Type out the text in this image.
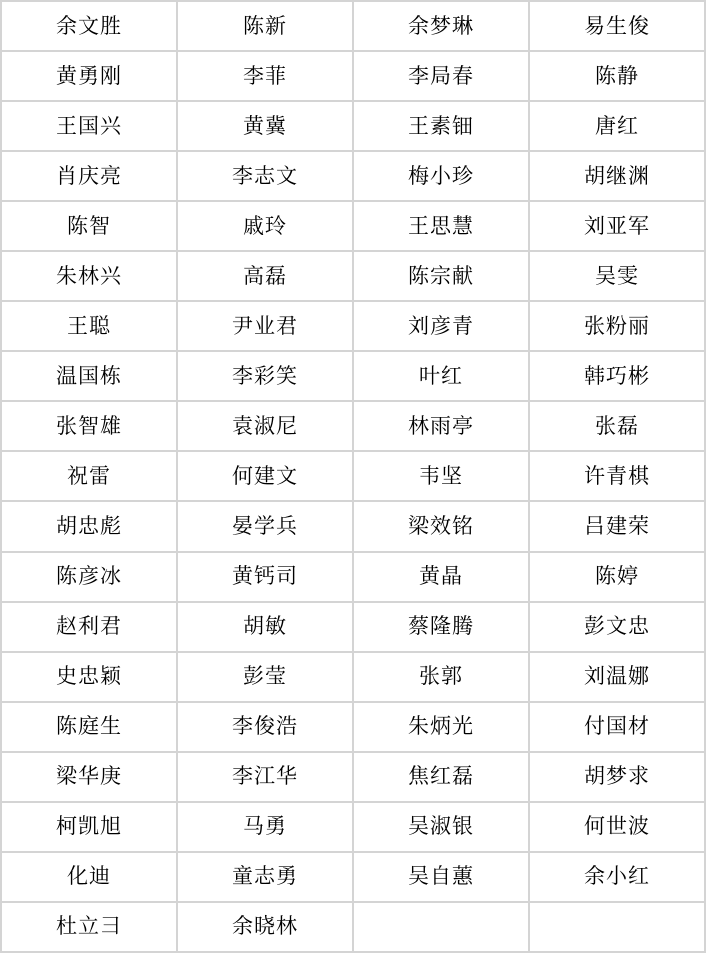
余文胜	陈新	余梦琳	易生俊
黄勇刚	李菲	李局春	陈静
王国兴	黄冀	王素钿	唐红
肖庆亮	李志文	梅小珍	胡继渊
陈智	戚玲	王思慧	刘亚军
朱林兴	高磊	陈宗献	吴雯
王聪	尹业君	刘彦青	张粉丽
温国栋	李彩笑	叶红	韩巧彬
张智雄	袁淑尼	林雨亭	张磊
祝雷	何建文	韦坚	许青棋
胡忠彪	晏学兵	梁效铭	吕建荣
陈彦冰	黄钙司	黄晶	陈婷
赵利君	胡敏	蔡隆腾	彭文忠
史忠颖	彭莹	张郭	刘温娜
陈庭生	李俊浩	朱炳光	付国材
梁华庚	李江华	焦红磊	胡梦求
柯凯旭	马勇	吴淑银	何世波
化迪	童志勇	吴自蕙	余小红
杜立彐	余晓林
